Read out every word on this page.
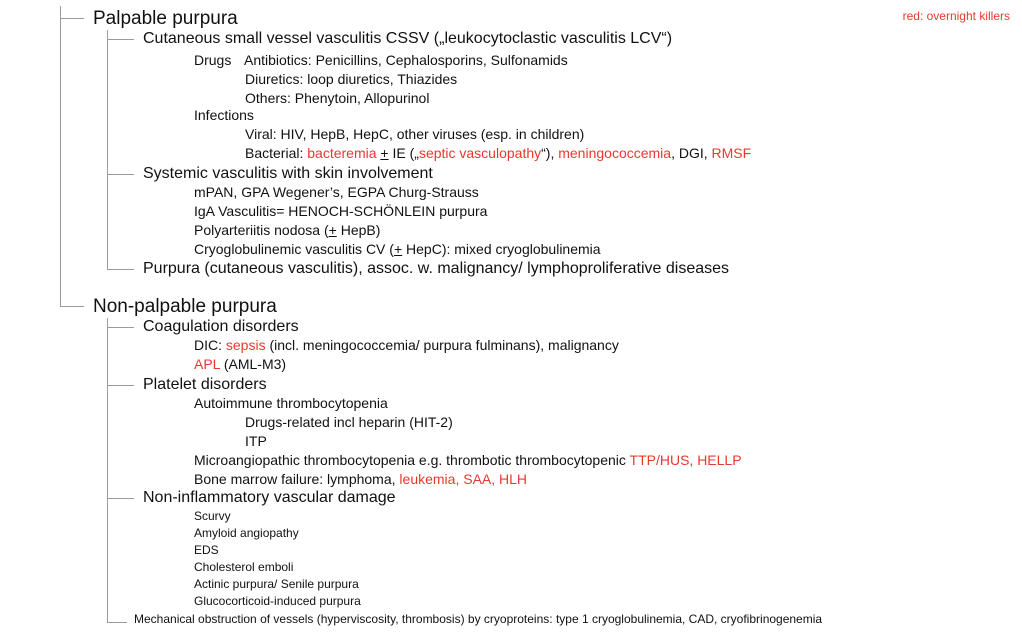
red: overnight killers
Palpable purpura
Cutaneous small vessel vasculitis CSSV („leukocytoclastic vasculitis LCV“)
Drugs Antibiotics: Penicillins, Cephalosporins, Sulfonamids
Diuretics: loop diuretics, Thiazides
Others: Phenytoin, Allopurinol
Infections
Viral: HIV, HepB, HepC, other viruses (esp. in children)
Bacterial: bacteremia + IE („septic vasculopathy“), meningococcemia, DGI, RMSF
Systemic vasculitis with skin involvement
mPAN, GPA Wegener’s, EGPA Churg-Strauss
IgA Vasculitis= HENOCH-SCHÖNLEIN purpura
Polyarteriitis nodosa (+ HepB)
Cryoglobulinemic vasculitis CV (+ HepC): mixed cryoglobulinemia
Purpura (cutaneous vasculitis), assoc. w. malignancy/ lymphoproliferative diseases
Non-palpable purpura
Coagulation disorders
DIC: sepsis (incl. meningococcemia/ purpura fulminans), malignancy
APL (AML-M3)
Platelet disorders
Autoimmune thrombocytopenia
Drugs-related incl heparin (HIT-2)
ITP
Microangiopathic thrombocytopenia e.g. thrombotic thrombocytopenic TTP/HUS, HELLP
Bone marrow failure: lymphoma, leukemia, SAA, HLH
Non-inflammatory vascular damage
Scurvy
Amyloid angiopathy
EDS
Cholesterol emboli
Actinic purpura/ Senile purpura
Glucocorticoid-induced purpura
Mechanical obstruction of vessels (hyperviscosity, thrombosis) by cryoproteins: type 1 cryoglobulinemia, CAD, cryofibrinogenemia
